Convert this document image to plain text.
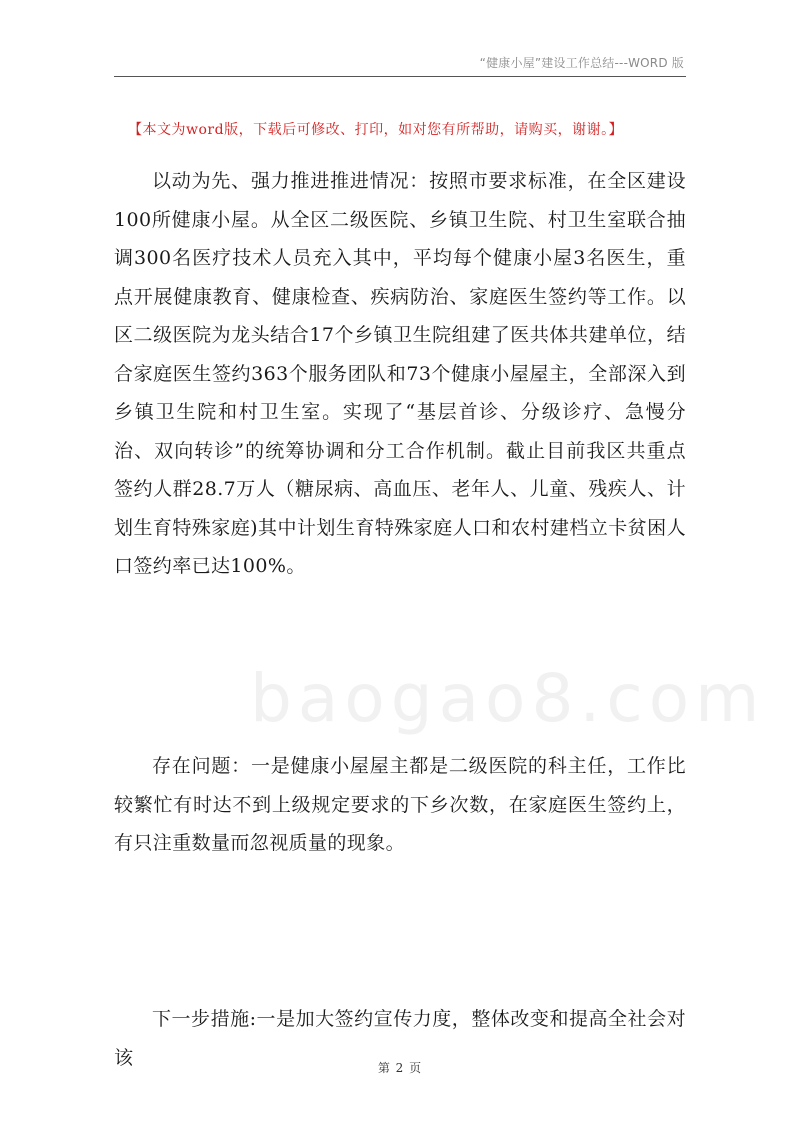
“健康小屋”建设工作总结---WORD 版
【本文为word版，下载后可修改、打印，如对您有所帮助，请购买，谢谢。】
baogao8.com

以动为先、强力推进推进情况：按照市要求标准，在全区建设100所健康小屋。从全区二级医院、乡镇卫生院、村卫生室联合抽调300名医疗技术人员充入其中，平均每个健康小屋3名医生，重点开展健康教育、健康检查、疾病防治、家庭医生签约等工作。以区二级医院为龙头结合17个乡镇卫生院组建了医共体共建单位，结合家庭医生签约363个服务团队和73个健康小屋屋主，全部深入到乡镇卫生院和村卫生室。实现了“基层首诊、分级诊疗、急慢分治、双向转诊”的统筹协调和分工合作机制。截止目前我区共重点签约人群28.7万人（糖尿病、高血压、老年人、儿童、残疾人、计划生育特殊家庭)其中计划生育特殊家庭人口和农村建档立卡贫困人口签约率已达100%。

存在问题：一是健康小屋屋主都是二级医院的科主任，工作比较繁忙有时达不到上级规定要求的下乡次数，在家庭医生签约上，有只注重数量而忽视质量的现象。

下一步措施:一是加大签约宣传力度，整体改变和提高全社会对该	第 2 页
